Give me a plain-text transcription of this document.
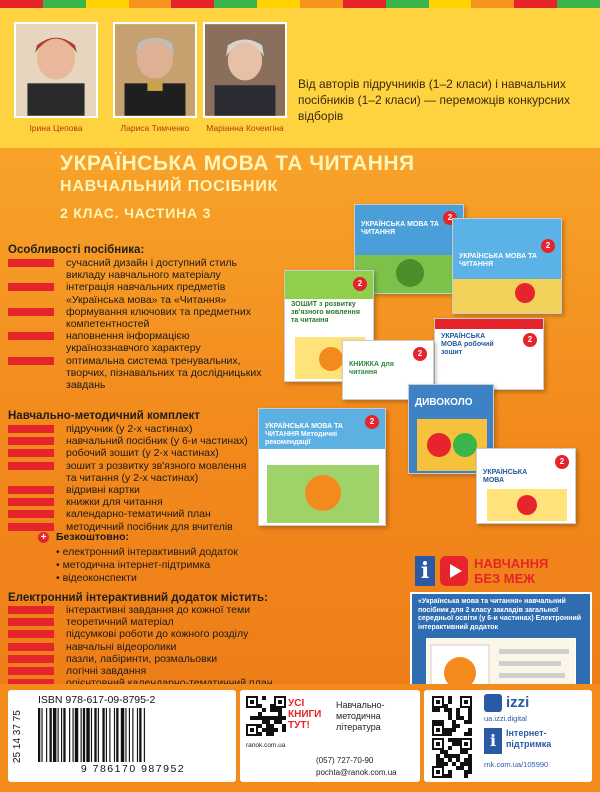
Ірина Цепова	Лариса Тимченко	Маріанна Кочеигіна
Від авторів підручників (1–2 класи) і навчальних посібників (1–2 класи) — переможців конкурсних відборів
УКРАЇНСЬКА МОВА ТА ЧИТАННЯ
НАВЧАЛЬНИЙ ПОСІБНИК
2 КЛАС. ЧАСТИНА 3
УКРАЇНСЬКА МОВА ТА ЧИТАННЯ
2
УКРАЇНСЬКА МОВА ТА ЧИТАННЯ
2
ЗОШИТ з розвитку зв'язного мовлення та читання
2
УКРАЇНСЬКА МОВА робочий зошит
2
КНИЖКА для читання
2
ДИВОКОЛО
УКРАЇНСЬКА МОВА ТА ЧИТАННЯ Методичні рекомендації
2
УКРАЇНСЬКА МОВА
2
Особливості посібника:
сучасний дизайн і доступний стиль
викладу навчального матеріалу
інтеграція навчальних предметів
«Українська мова» та «Читання»
формування ключових та предметних
компетентностей
наповнення інформацією
україноззнавчого характеру
оптимальна система тренувальних,
творчих, пізнавальних та дослідницьких
завдань
Навчально-методичний комплект
підручник (у 2-х частинах)
навчальний посібник (у 6-и частинах)
робочий зошит (у 2-х частинах)
зошит з розвитку зв'язного мовлення
та читання (у 2-х частинах)
відривні картки
книжки для читання
календарно-тематичний план
методичний посібник для вчителів
+ Безкоштовно:
• електронний інтерактивний додаток
• методична інтернет-підтримка
• відеоконспекти
Електронний інтерактивний додаток містить:
інтерактивні завдання до кожної теми
теоретичний матеріал
підсумкові роботи до кожного розділу
навчальні відеоролики
пазли, лабіринти, розмальовки
логічні завдання
i	НАВЧАННЯ
БЕЗ МЕЖ
«Українська мова та читання» навчальний посібник для 2 класу закладів загальної середньої освіти (у 6-и частинах) Електронний інтерактивний додаток
25 14 37 75
ISBN 978-617-09-8795-2
9 786170 987952
УСІ КНИГИ ТУТ!
Навчально-методична література
ranok.com.ua
(057) 727-70-90
pochta@ranok.com.ua
izzi
ua.izzi.digital
i	Інтернет-підтримка
rnk.com.ua/105990
